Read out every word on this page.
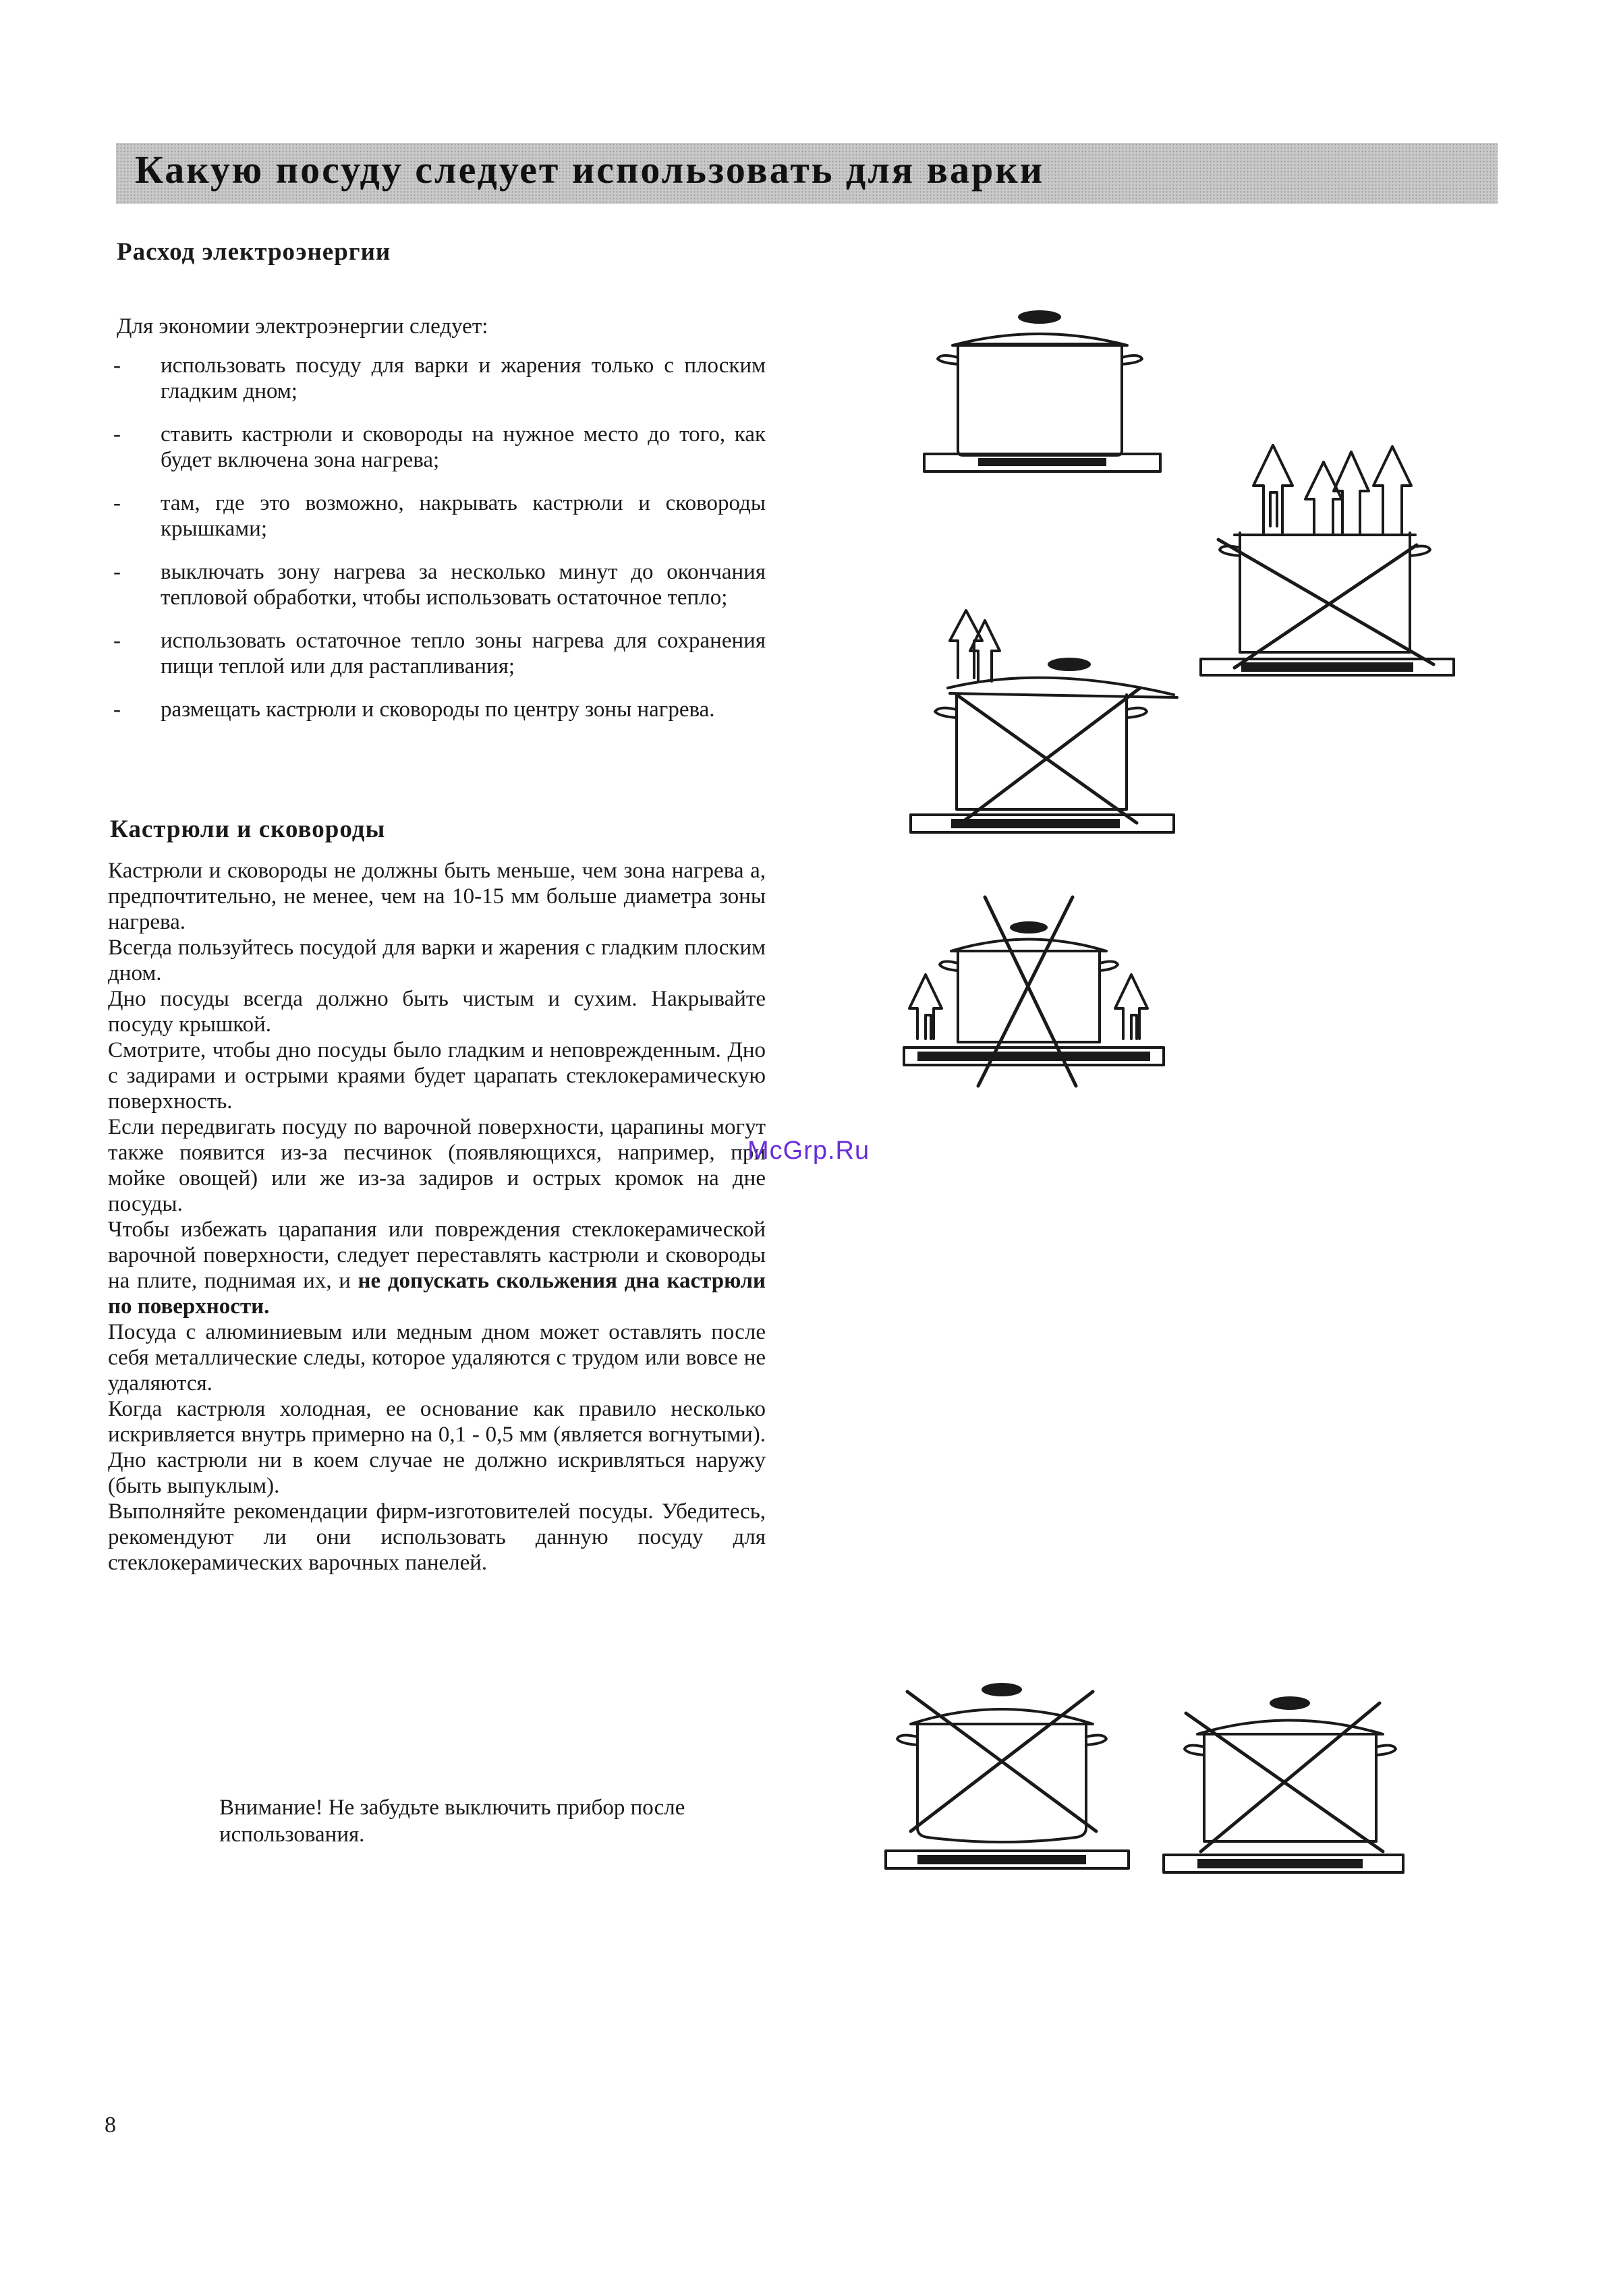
Какую посуду следует использовать для варки
Расход электроэнергии
Для экономии электроэнергии следует:
- использовать посуду для варки и жарения только с плоским гладким дном;
- ставить кастрюли и сковороды на нужное место до того, как будет включена зона нагрева;
- там, где это возможно, накрывать кастрюли и сковороды крышками;
- выключать зону нагрева за несколько минут до окончания тепловой обработки, чтобы использовать остаточное тепло;
- использовать остаточное тепло зоны нагрева для сохранения пищи теплой или для растапливания;
- размещать кастрюли и сковороды по центру зоны нагрева.
Кастрюли и сковороды

Кастрюли и сковороды не должны быть меньше, чем зона нагрева а, предпочтительно, не менее, чем на 10-15 мм больше диаметра зоны нагрева.

Всегда пользуйтесь посудой для варки и жарения с гладким плоским дном.

Дно посуды всегда должно быть чистым и сухим. Накрывайте посуду крышкой.

Смотрите, чтобы дно посуды было гладким и неповрежденным. Дно с задирами и острыми краями будет царапать стеклокерамическую поверхность.

Если передвигать посуду по варочной поверхности, царапины могут также появится из-за песчинок (появляющихся, например, при мойке овощей) или же из-за задиров и острых кромок на дне посуды.

Чтобы избежать царапания или повреждения стеклокерамической варочной поверхности, следует переставлять кастрюли и сковороды на плите, поднимая их, и не допускать скольжения дна кастрюли по поверхности.

Посуда с алюминиевым или медным дном может оставлять после себя металлические следы, которое удаляются с трудом или вовсе не удаляются.

Когда кастрюля холодная, ее основание как правило несколько искривляется внутрь примерно на 0,1 - 0,5 мм (является вогнутыми). Дно кастрюли ни в коем случае не должно искривляться наружу (быть выпуклым).

Выполняйте рекомендации фирм-изготовителей посуды. Убедитесь, рекомендуют ли они использовать данную посуду для стеклокерамических варочных панелей.

Внимание! Не забудьте выключить прибор после использования.
8
McGrp.Ru
